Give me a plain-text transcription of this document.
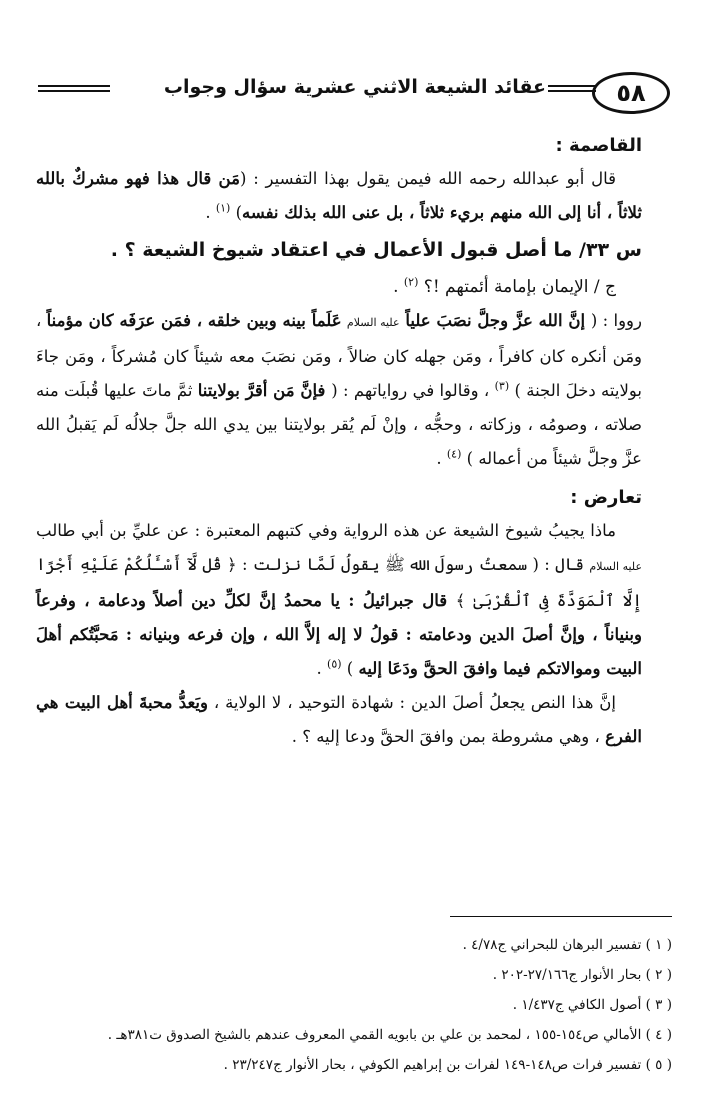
عقائد الشيعة الاثني عشرية سؤال وجواب	٥٨

القاصمة :

قال أبو عبدالله رحمه الله فيمن يقول بهذا التفسير : (مَن قال هذا فهو مشركٌ بالله ثلاثاً ، أنا إلى الله منهم بريء ثلاثاً ، بل عنى الله بذلك نفسه) $^{(١)}$ .

س ٣٣/ ما أصل قبول الأعمال في اعتقاد شيوخ الشيعة ؟ .

ج / الإيمان بإمامة أئمتهم !؟ $^{(٢)}$ .

رووا : ( إنَّ الله عزَّ وجلَّ نصَبَ علياً عليه السلام عَلَماً بينه وبين خلقه ، فمَن عرَفَه كان مؤمناً ، ومَن أنكره كان كافراً ، ومَن جهله كان ضالاً ، ومَن نصَبَ معه شيئاً كان مُشركاً ، ومَن جاءَ بولايته دخلَ الجنة ) $^{(٣)}$ ، وقالوا في رواياتهم : ( فإنَّ مَن أقرَّ بولايتنا ثمَّ ماتَ عليها قُبلَت منه صلاته ، وصومُه ، وزكاته ، وحجُّه ، وإنْ لَم يُقر بولايتنا بين يدي الله جلَّ جلالُه لَم يَقبلُ الله عزَّ وجلَّ شيئاً من أعماله ) $^{(٤)}$ .

تعارض :

ماذا يجيبُ شيوخ الشيعة عن هذه الرواية وفي كتبهم المعتبرة : عن عليِّ بن أبي طالب عليه السلام قال : ( سمعتُ رسولَ الله ﷺ يقولُ لَمَّا نزلت : ﴿ قُل لَّآ أَسْـَٔلُكُمْ عَلَيْهِ أَجْرًا إِلَّا ٱلْمَوَدَّةَ فِى ٱلْقُرْبَىٰ ﴾ قال جبرائيلُ : يا محمدُ إنَّ لكلِّ دين أصلاً ودعامة ، وفرعاً وبنياناً ، وإنَّ أصلَ الدين ودعامته : قولُ لا إله إلاَّ الله ، وإن فرعه وبنيانه : مَحبَّتُكم أهلَ البيت وموالاتكم فيما وافقَ الحقَّ ودَعَا إليه ) $^{(٥)}$ .

إنَّ هذا النص يجعلُ أصلَ الدين : شهادة التوحيد ، لا الولاية ، ويَعدُّ محبةَ أهل البيت هي الفرع ، وهي مشروطة بمن وافقَ الحقَّ ودعا إليه ؟ .

( ١ ) تفسير البرهان للبحراني ج٤/٧٨ .
( ٢ ) بحار الأنوار ج٢٧/١٦٦-٢٠٢ .
( ٣ ) أصول الكافي ج١/٤٣٧ .
( ٤ ) الأمالي ص١٥٤-١٥٥ ، لمحمد بن علي بن بابويه القمي المعروف عندهم بالشيخ الصدوق ت٣٨١هـ .
( ٥ ) تفسير فرات ص١٤٨-١٤٩ لفرات بن إبراهيم الكوفي ، بحار الأنوار ج٢٣/٢٤٧ .
